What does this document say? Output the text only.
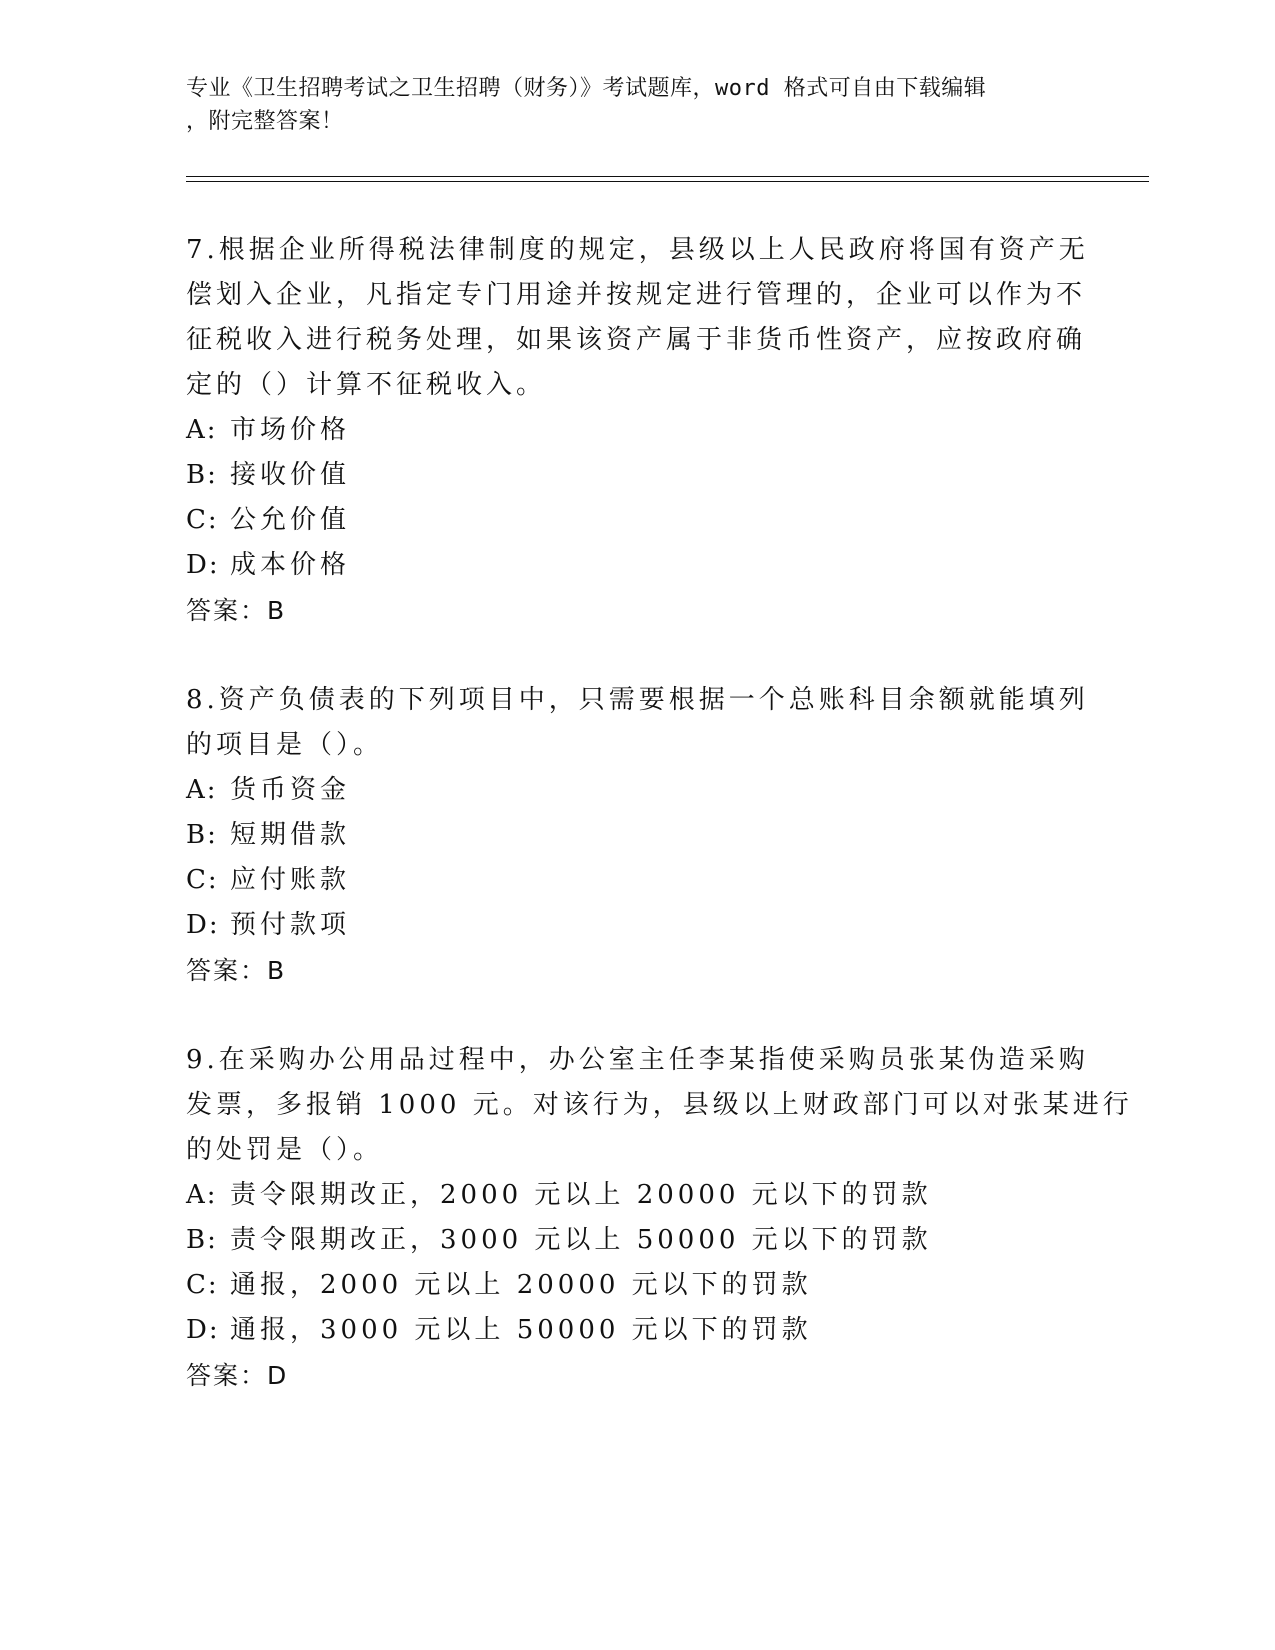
专业《卫生招聘考试之卫生招聘（财务）》考试题库，word 格式可自由下载编辑
，附完整答案！
7.根据企业所得税法律制度的规定，县级以上人民政府将国有资产无
偿划入企业，凡指定专门用途并按规定进行管理的，企业可以作为不
征税收入进行税务处理，如果该资产属于非货币性资产，应按政府确
定的（）计算不征税收入。
A: 市场价格
B: 接收价值
C: 公允价值
D: 成本价格
答案：B
8.资产负债表的下列项目中，只需要根据一个总账科目余额就能填列
的项目是（）。
A: 货币资金
B: 短期借款
C: 应付账款
D: 预付款项
答案：B
9.在采购办公用品过程中，办公室主任李某指使采购员张某伪造采购
发票，多报销 1000 元。对该行为，县级以上财政部门可以对张某进行
的处罚是（）。
A: 责令限期改正，2000 元以上 20000 元以下的罚款
B: 责令限期改正，3000 元以上 50000 元以下的罚款
C: 通报，2000 元以上 20000 元以下的罚款
D: 通报，3000 元以上 50000 元以下的罚款
答案：D
